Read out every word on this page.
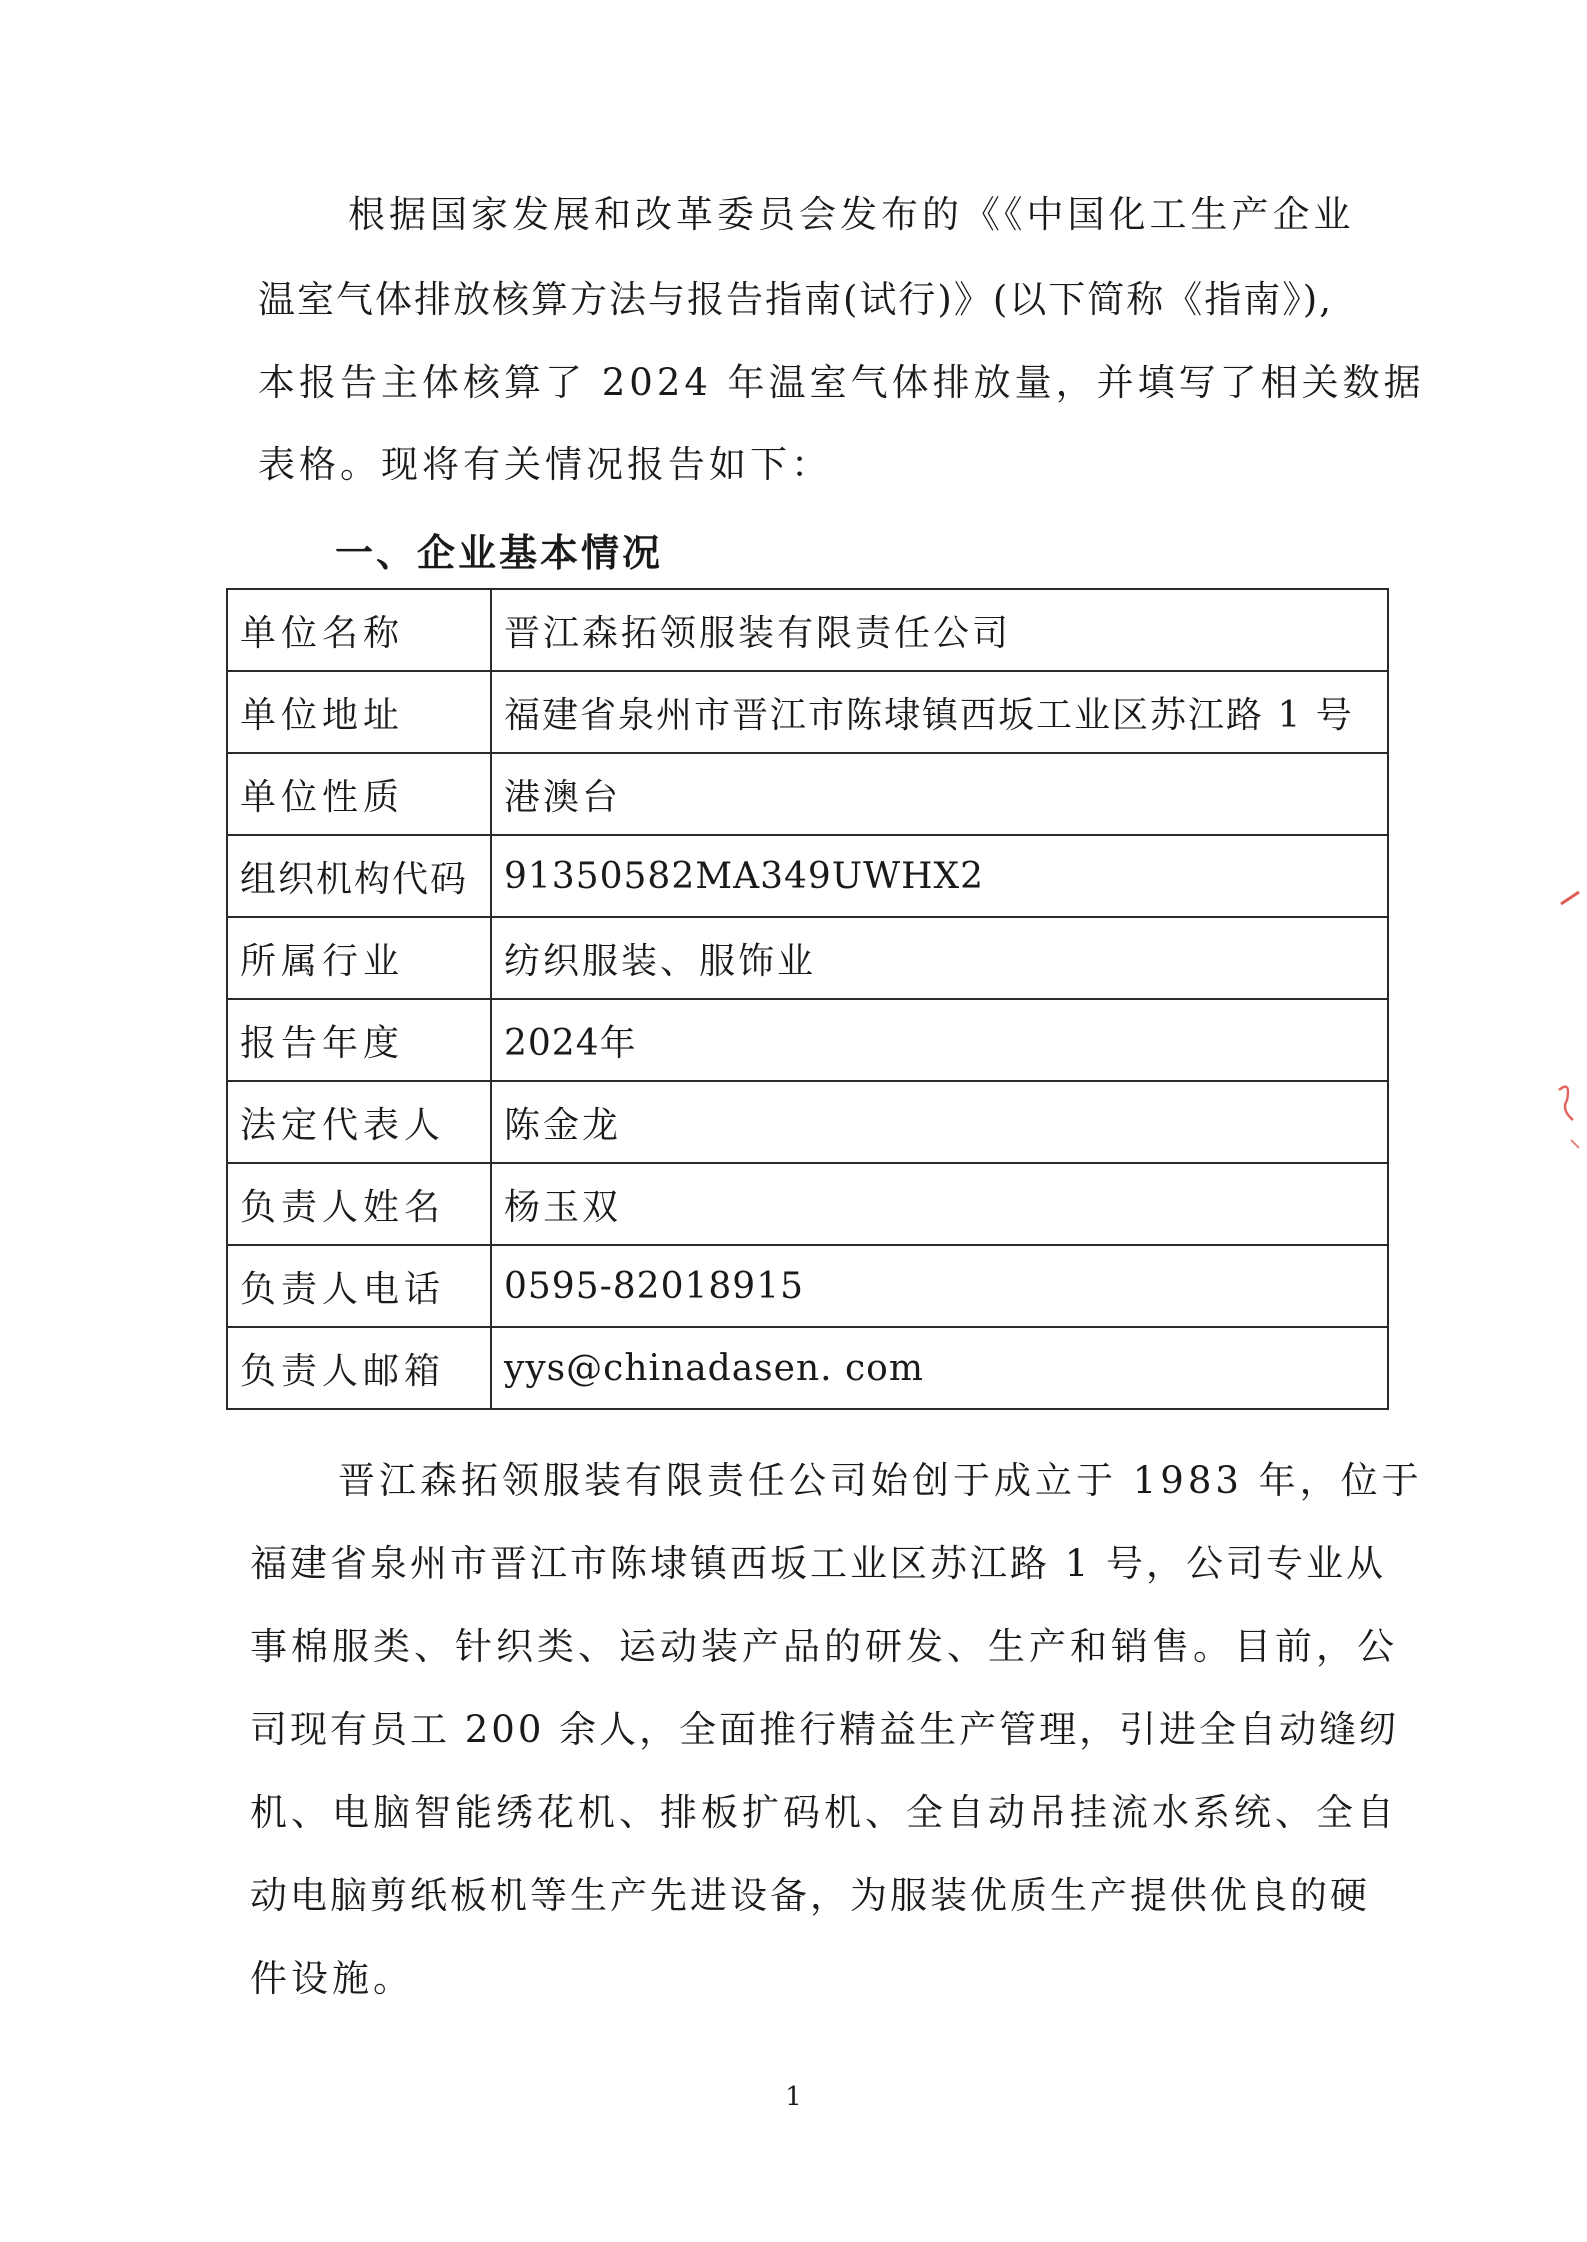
根据国家发展和改革委员会发布的《《中国化工生产企业
温室气体排放核算方法与报告指南(试行)》(以下简称《指南》),
本报告主体核算了 2024 年温室气体排放量，并填写了相关数据
表格。现将有关情况报告如下：
一、企业基本情况
单位名称	晋江森拓领服装有限责任公司
单位地址	福建省泉州市晋江市陈埭镇西坂工业区苏江路 1 号
单位性质	港澳台
组织机构代码	91350582MA349UWHX2
所属行业	纺织服装、服饰业
报告年度	2024年
法定代表人	陈金龙
负责人姓名	杨玉双
负责人电话	0595-82018915
负责人邮箱	yys@chinadasen. com
晋江森拓领服装有限责任公司始创于成立于 1983 年，位于
福建省泉州市晋江市陈埭镇西坂工业区苏江路 1 号，公司专业从
事棉服类、针织类、运动装产品的研发、生产和销售。目前，公
司现有员工 200 余人，全面推行精益生产管理，引进全自动缝纫
机、电脑智能绣花机、排板扩码机、全自动吊挂流水系统、全自
动电脑剪纸板机等生产先进设备，为服装优质生产提供优良的硬
件设施。
1
